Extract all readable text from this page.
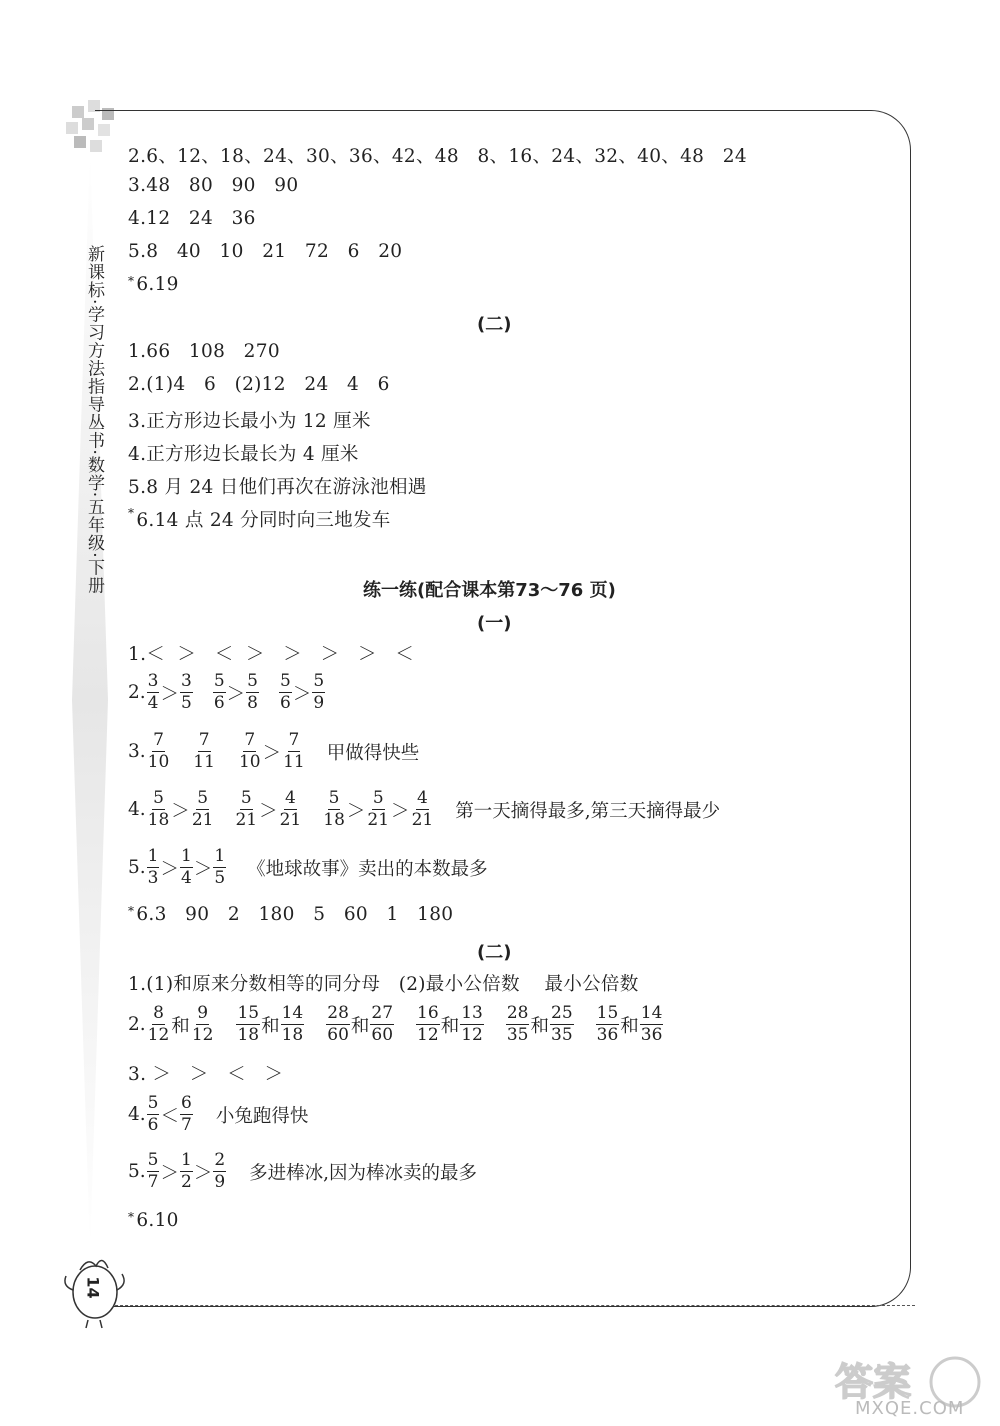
新课标·学习方法指导丛书·数学·五年级·下册
2.6、12、18、24、30、36、42、48   8、16、24、32、40、48   24
3.48   80   90   90
4.12   24   36
5.8   40   10   21   72   6   20
* 6.19
(二)
1.66   108   270
2.(1)4   6   (2)12   24   4   6
3.正方形边长最小为 12 厘米
4.正方形边长最长为 4 厘米
5.8 月 24 日他们再次在游泳池相遇
* 6.14 点 24 分同时向三地发车
练一练(配合课本第73～76 页)
(一)
1.＜  ＞   ＜  ＞   ＞   ＞   ＞   ＜
2. $\frac{3}{4} > \frac{3}{5} \frac{5}{6} > \frac{5}{8} \frac{5}{6} > \frac{5}{9}$
3. $\frac{7}{10} \frac{7}{11} \frac{7}{10} > \frac{7}{11}$ 甲做得快些
4. $\frac{5}{18} > \frac{5}{21} \frac{5}{21} > \frac{4}{21} \frac{5}{18} > \frac{5}{21} > \frac{4}{21}$ 第一天摘得最多,第三天摘得最少
5. $\frac{1}{3} > \frac{1}{4} > \frac{1}{5}$ 《地球故事》卖出的本数最多
* 6.3   90   2   180   5   60   1   180
(二)
1.(1)和原来分数相等的同分母   (2)最小公倍数    最小公倍数
2. $\frac{8}{12}$ 和 $\frac{9}{12} \frac{15}{18}$ 和 $\frac{14}{18} \frac{28}{60}$ 和 $\frac{27}{60} \frac{16}{12}$ 和 $\frac{13}{12} \frac{28}{35}$ 和 $\frac{25}{35} \frac{15}{36}$ 和 $\frac{14}{36}$
3. ＞   ＞   ＜   ＞
4. $\frac{5}{6} < \frac{6}{7}$ 小兔跑得快
5. $\frac{5}{7} > \frac{1}{2} > \frac{2}{9}$ 多进棒冰,因为棒冰卖的最多
* 6.10
14
答案
MXQE.COM
